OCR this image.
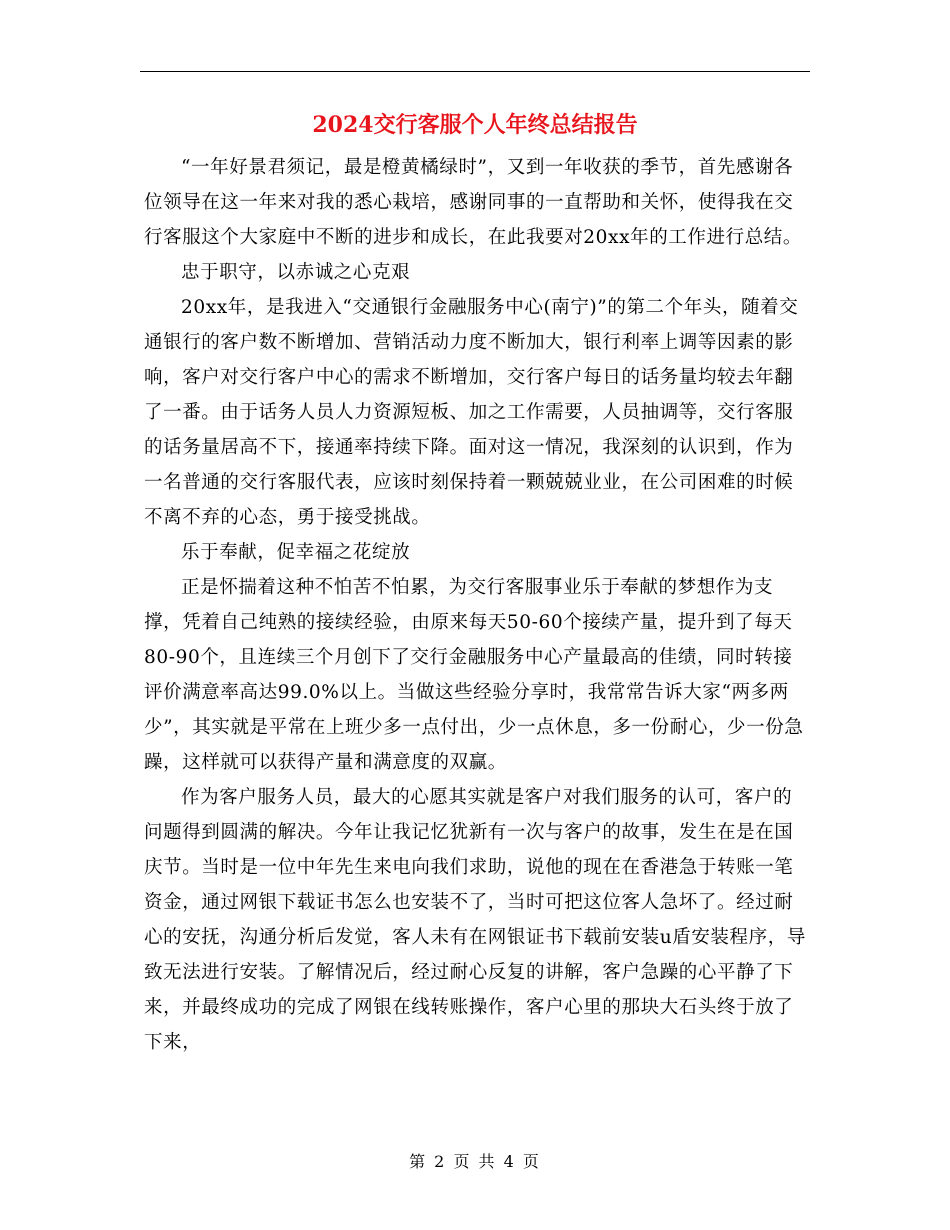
2024交行客服个人年终总结报告

“一年好景君须记，最是橙黄橘绿时”，又到一年收获的季节，首先感谢各位领导在这一年来对我的悉心栽培，感谢同事的一直帮助和关怀，使得我在交行客服这个大家庭中不断的进步和成长，在此我要对20xx年的工作进行总结。

忠于职守，以赤诚之心克艰

20xx年，是我进入“交通银行金融服务中心(南宁)”的第二个年头，随着交通银行的客户数不断增加、营销活动力度不断加大，银行利率上调等因素的影响，客户对交行客户中心的需求不断增加，交行客户每日的话务量均较去年翻了一番。由于话务人员人力资源短板、加之工作需要，人员抽调等，交行客服的话务量居高不下，接通率持续下降。面对这一情况，我深刻的认识到，作为一名普通的交行客服代表，应该时刻保持着一颗兢兢业业，在公司困难的时候不离不弃的心态，勇于接受挑战。

乐于奉献，促幸福之花绽放

正是怀揣着这种不怕苦不怕累，为交行客服事业乐于奉献的梦想作为支撑，凭着自己纯熟的接续经验，由原来每天50-60个接续产量，提升到了每天80-90个，且连续三个月创下了交行金融服务中心产量最高的佳绩，同时转接评价满意率高达99.0%以上。当做这些经验分享时，我常常告诉大家“两多两少”，其实就是平常在上班少多一点付出，少一点休息，多一份耐心，少一份急躁，这样就可以获得产量和满意度的双赢。

作为客户服务人员，最大的心愿其实就是客户对我们服务的认可，客户的问题得到圆满的解决。今年让我记忆犹新有一次与客户的故事，发生在是在国庆节。当时是一位中年先生来电向我们求助，说他的现在在香港急于转账一笔资金，通过网银下载证书怎么也安装不了，当时可把这位客人急坏了。经过耐心的安抚，沟通分析后发觉，客人未有在网银证书下载前安装u盾安装程序，导致无法进行安装。了解情况后，经过耐心反复的讲解，客户急躁的心平静了下来，并最终成功的完成了网银在线转账操作，客户心里的那块大石头终于放了下来，

第 2 页 共 4 页
